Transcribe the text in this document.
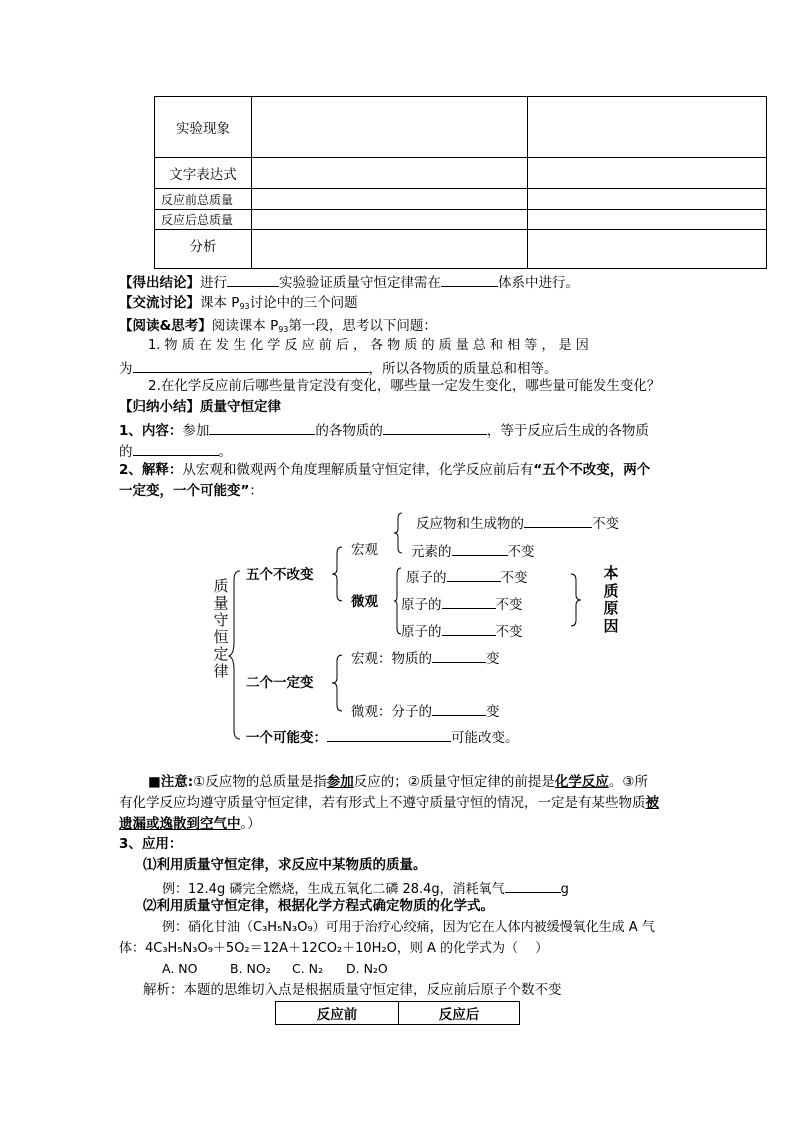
实验现象		
文字表达式		
反应前总质量		
反应后总质量		
分析		
【得出结论】进行	实验验证质量守恒定律需在	体系中进行。
【交流讨论】课本 $P_{93}$讨论中的三个问题
【阅读&思考】阅读课本 $P_{93}$第一段，思考以下问题：
1. 物 质 在 发 生 化 学 反 应 前 后 ， 各 物 质 的 质 量 总 和 相 等 ， 是 因
为	，所以各物质的质量总和相等。
2.在化学反应前后哪些量肯定没有变化，哪些量一定发生变化，哪些量可能发生变化？
【归纳小结】质量守恒定律
1、内容：参加	的各物质的	，等于反应后生成的各物质
的	。
2、解释：从宏观和微观两个角度理解质量守恒定律，化学反应前后有“五个不改变，两个
一定变，一个可能变”：
质量守恒定律
五个不改变
宏观
微观
反应物和生成物的	不变
元素的	不变
原子的	不变
原子的	不变
原子的	不变
本质原因
二个一定变
宏观：物质的	变
微观：分子的	变
一个可能变：	可能改变。
■注意:①反应物的总质量是指参加反应的；②质量守恒定律的前提是化学反应。③所
有化学反应均遵守质量守恒定律，若有形式上不遵守质量守恒的情况，一定是有某些物质被
遗漏或逸散到空气中。）
3、应用：
⑴利用质量守恒定律，求反应中某物质的质量。
例：12.4g 磷完全燃烧，生成五氧化二磷 28.4g，消耗氧气	g
⑵利用质量守恒定律，根据化学方程式确定物质的化学式。
例：硝化甘油（C₃H₅N₃O₉）可用于治疗心绞痛，因为它在人体内被缓慢氧化生成 A 气
体：4C₃H₅N₃O₉＋5O₂＝12A＋12CO₂＋10H₂O，则 A 的化学式为（　 ）
A. NO	B. NO₂ C. N₂ D. N₂O
解析：本题的思维切入点是根据质量守恒定律，反应前后原子个数不变
反应前	反应后
